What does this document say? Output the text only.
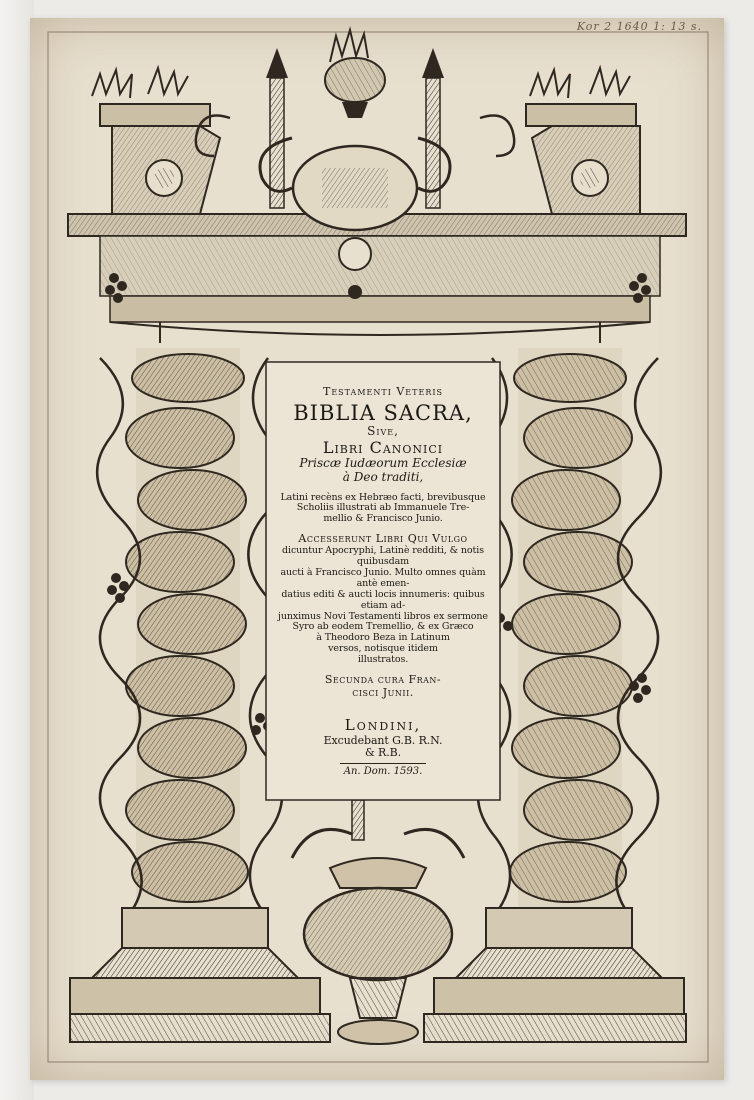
Kor 2 1640 1: 13 s.
Testamenti Veteris
BIBLIA SACRA,
Sive,
Libri Canonici
Priscæ Iudæorum Ecclesiæ
à Deo traditi,
Latini recèns ex Hebræo facti, brevibusque
Scholiis illustrati ab Immanuele Tre-
mellio & Francisco Junio.
Accesserunt Libri Qui Vulgo
dicuntur Apocryphi, Latinè redditi, & notis quibusdam
aucti à Francisco Junio. Multo omnes quàm antè emen-
datius editi & aucti locis innumeris: quibus etiam ad-
junximus Novi Testamenti libros ex sermone
Syro ab eodem Tremellio, & ex Græco
à Theodoro Beza in Latinum
versos, notisque itidem
illustratos.
Secunda cura Fran-
cisci Junii.
Londini,
Excudebant G.B. R.N.
& R.B.
An. Dom. 1593.
